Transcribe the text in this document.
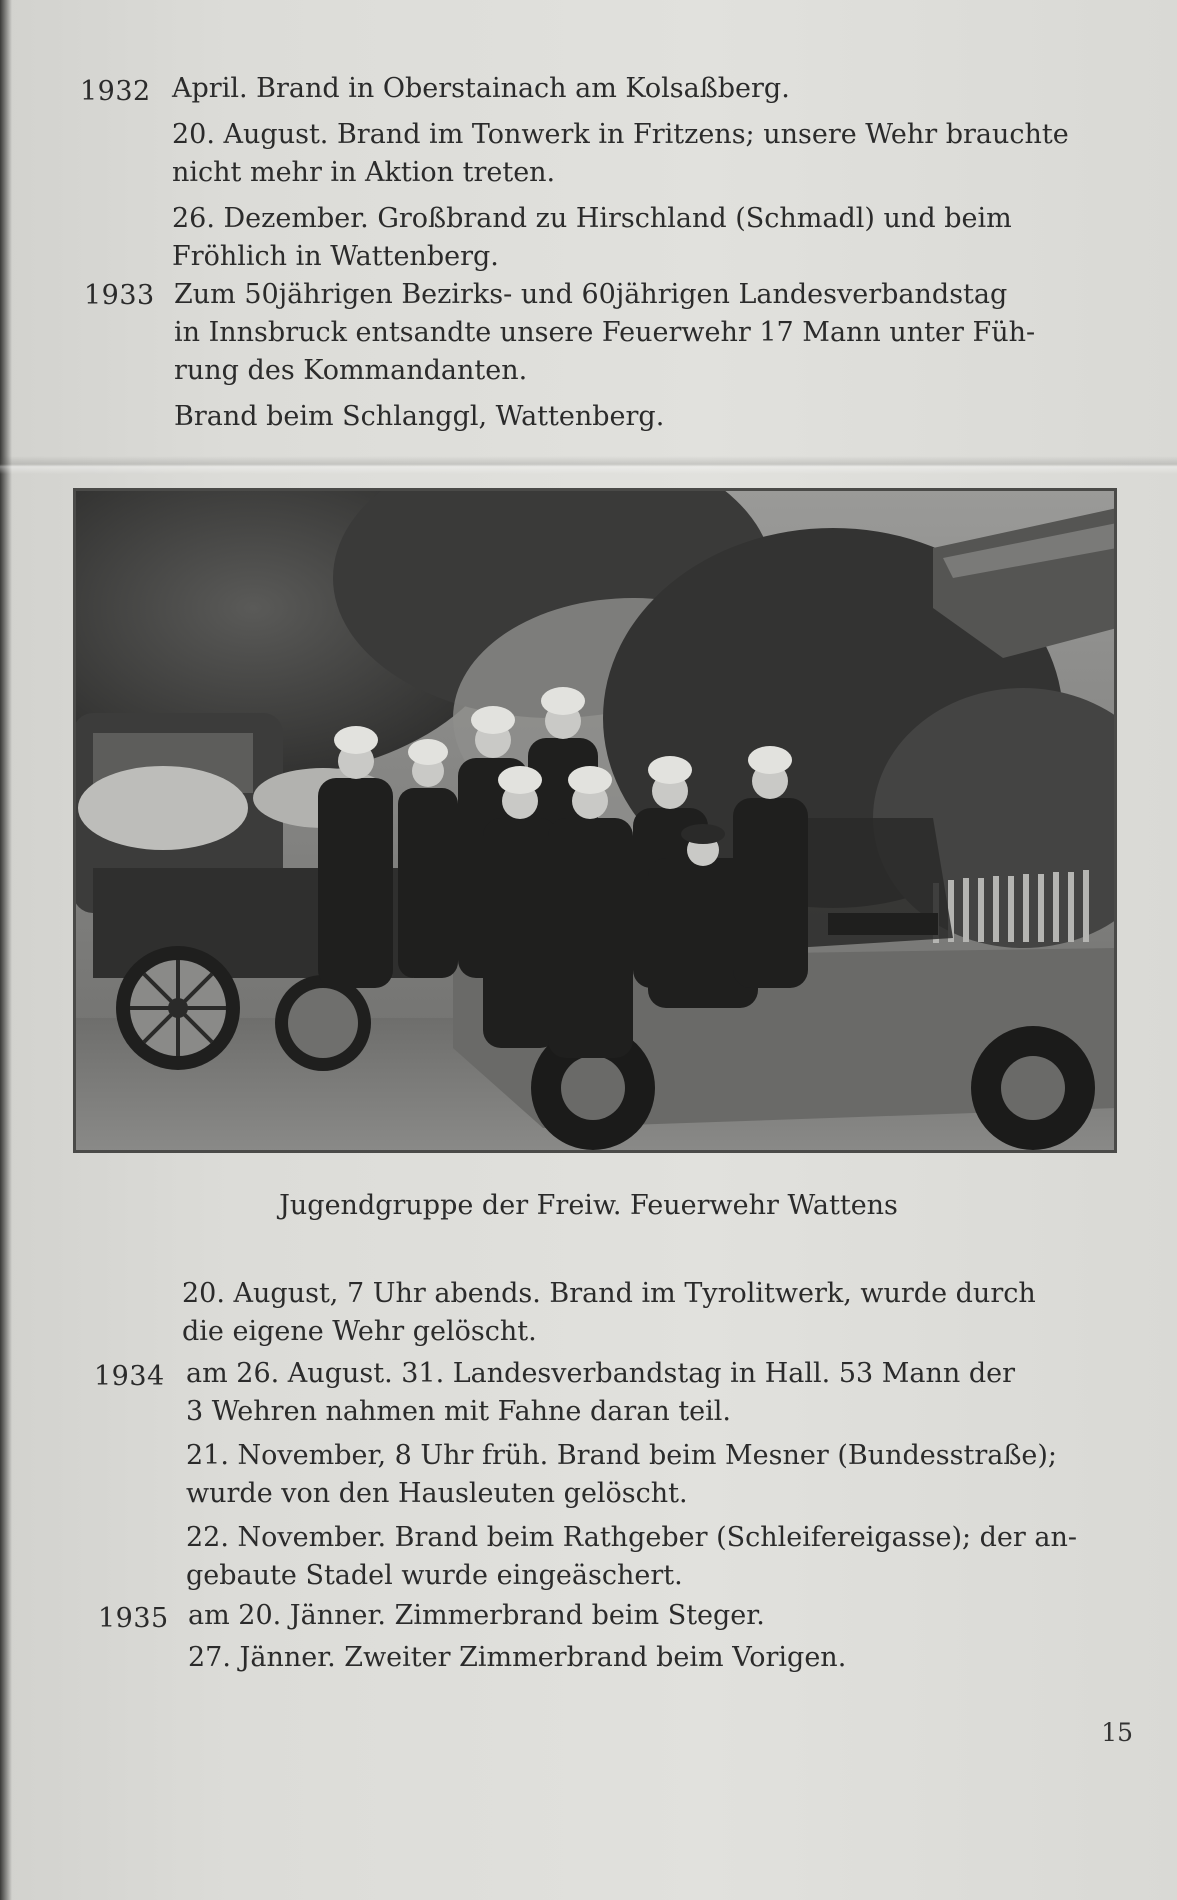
1932 April. Brand in Oberstainach am Kolsaßberg.

20. August. Brand im Tonwerk in Fritzens; unsere Wehr brauchte

nicht mehr in Aktion treten.

26. Dezember. Großbrand zu Hirschland (Schmadl) und beim

Fröhlich in Wattenberg.

1933 Zum 50jährigen Bezirks- und 60jährigen Landesverbandstag

in Innsbruck entsandte unsere Feuerwehr 17 Mann unter Füh-

rung des Kommandanten.

Brand beim Schlanggl, Wattenberg.

Jugendgruppe der Freiw. Feuerwehr Wattens

20. August, 7 Uhr abends. Brand im Tyrolitwerk, wurde durch

die eigene Wehr gelöscht.

1934 am 26. August. 31. Landesverbandstag in Hall. 53 Mann der

3 Wehren nahmen mit Fahne daran teil.

21. November, 8 Uhr früh. Brand beim Mesner (Bundesstraße);

wurde von den Hausleuten gelöscht.

22. November. Brand beim Rathgeber (Schleifereigasse); der an-

gebaute Stadel wurde eingeäschert.

1935 am 20. Jänner. Zimmerbrand beim Steger.

27. Jänner. Zweiter Zimmerbrand beim Vorigen.

15
